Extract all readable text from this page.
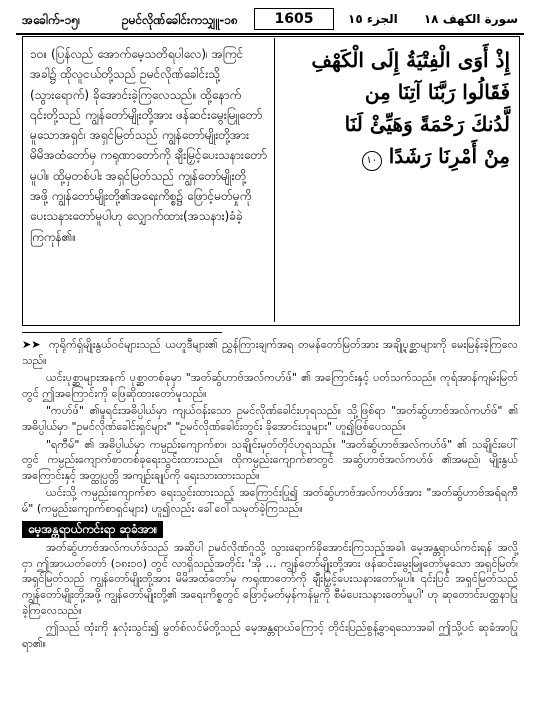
အခေါက်-၁၅၊	ဥမင်လိုဏ်ခေါင်းကသျှူ-၁၈	1605	الجزء ١٥ سورة الكهف ١٨

၁၀။ (ပြန်လည် အောက်မေ့သတိရပါလေ)၊ အကြင်

အခါ၌ ထိုလူငယ်တို့သည် ဥမင်လိုဏ်ခေါင်းသို့

(သွားရောက်) ခိုအောင်းခဲ့ကြလေသည်။ ထို့နောက်

၎င်းတို့သည် ကျွန်တော်မျိုးတို့အား ဖန်ဆင်းမွေးမြူတော်

မူသောအရှင်၊ အရှင်မြတ်သည် ကျွန်တော်မျိုးတို့အား

မိမိအထံတော်မှ ကရုဏာတော်ကို ချီးမြှင့်ပေးသနားတော်

မူပါ။ ထို့မှတစ်ပါး အရှင်မြတ်သည် ကျွန်တော်မျိုးတို့

အဖို့ ကျွန်တော်မျိုးတို့၏အရေးကိစ္စ၌ ဖြောင့်မတ်မှုကို

ပေးသနားတော်မူပါဟု လျှောက်ထား(အသနား)ခံခဲ့

ကြကုန်၏။

إِذْ أَوَى الْفِتْيَةُ إِلَى الْكَهْفِ

فَقَالُوا رَبَّنَا آتِنَا مِن

لَّدُنكَ رَحْمَةً وَهَيِّئْ لَنَا

مِنْ أَمْرِنَا رَشَدًا ١٠

➤➤ ကုရိုက်ရှ်မျိုးနွယ်ဝင်များသည် ယဟူဒီများ၏ ညွှန်ကြားချက်အရ တမန်တော်မြတ်အား အချို့ပုစ္ဆာများကို မေးမြန်းခဲ့ကြလေသည်။

ယင်းပုစ္ဆာများအနက် ပုစ္ဆာတစ်ခုမှာ "အတ်ဆွ်ဟာဗ်အလ်ကဟ်ဖ်" ၏ အကြောင်းနှင့် ပတ်သက်သည်။ ကုရ်အာန်ကျမ်းမြတ်တွင် ဤအကြောင်းကို ဖြေဆိုထားတော်မူသည်။

"ကဟ်ဖ်" ၏မူရင်းအဓိပ္ပါယ်မှာ ကျယ်ဝန်းသော ဥမင်လိုဏ်ခေါင်းဟုရသည်။ သို့ဖြစ်ရာ "အတ်ဆွ်ဟာဗ်အလ်ကဟ်ဖ်" ၏ အဓိပ္ပါယ်မှာ "ဥမင်လိုဏ်ခေါင်းရှင်များ" "ဥမင်လိုဏ်ခေါင်းတွင်း ခိုအောင်းသူများ" ဟူ၍ဖြစ်ပေသည်။

"ရကီမ်" ၏ အဓိပ္ပါယ်မှာ ကမ္ပည်းကျောက်စာ၊ သချိုင်းမှတ်တိုင်ဟုရသည်။ "အတ်ဆွ်ဟာဗ်အလ်ကဟ်ဖ်" ၏ သချိုင်းပေါ်တွင် ကမ္ပည်းကျောက်စာတစ်ခုရေးသွင်းထားသည်။ ထိုကမ္ပည်းကျောက်စာတွင် အဆွ်ဟာဗ်အလ်ကဟ်ဖ် ၏အမည်၊ မျိုးနွယ်အကြောင်းနှင့် အတ္ထုပ္ပတ္တိ အကျဉ်းချုပ်ကို ရေးသားထားသည်။

ယင်းသို့ ကမ္ပည်းကျောက်စာ ရေးသွင်းထားသည့် အကြောင်းပြု၍ အတ်ဆွ်ဟာဗ်အလ်ကဟ်ဖ်အား "အတ်ဆွ်ဟာဗ်အရ်ရကီမ်" (ကမ္ပည်းကျောက်စာရှင်များ) ဟူ၍လည်း ခေါ်ဝေါ်သမုတ်ခဲ့ကြသည်။

မေ့အန္တရာယ်ကင်းရာ ဆုခံအာ။

အတ်ဆွ်ဟာဗ်အလ်ကဟ်ဖ်သည် အဆိုပါ ဥမင်လိုဏ်ဂူသို့ သွားရောက်ခိုအောင်းကြသည့်အခါ၊ မေ့အန္တရာယ်ကင်းရန် အလို့ငှာ ဤအာယတ်တော် (၁၈း၁၀) တွင် လာရှိသည့်အတိုင်း 'အို … ကျွန်တော်မျိုးတို့အား ဖန်ဆင်းမွေးမြူတော်မူသော အရှင်မြတ်၊ အရှင်မြတ်သည် ကျွန်တော်မျိုးတို့အား မိမိအထံတော်မှ ကရုဏာတော်ကို ချီးမြှင့်ပေးသနားတော်မူပါ။ ၎င်းပြင် အရှင်မြတ်သည် ကျွန်တော်မျိုးတို့အဖို့ ကျွန်တော်မျိုးတို့၏ အရေးကိစ္စတွင် ဖြောင့်မတ်မှန်ကန်မှုကို စီမံပေးသနားတော်မူပါ' ဟု ဆုတောင်းပတ္ထနာပြုခဲ့ကြလေသည်။

ဤသည် ထုံးကို နှလုံးသွင်း၍ မွတ်စ်လင်မ်တို့သည် မေ့အန္တရာယ်ကြောင့် တိုင်းပြည်စွန့်ခွာရသောအခါ ဤသို့ပင် ဆုခံအာပြုရာ၏။
